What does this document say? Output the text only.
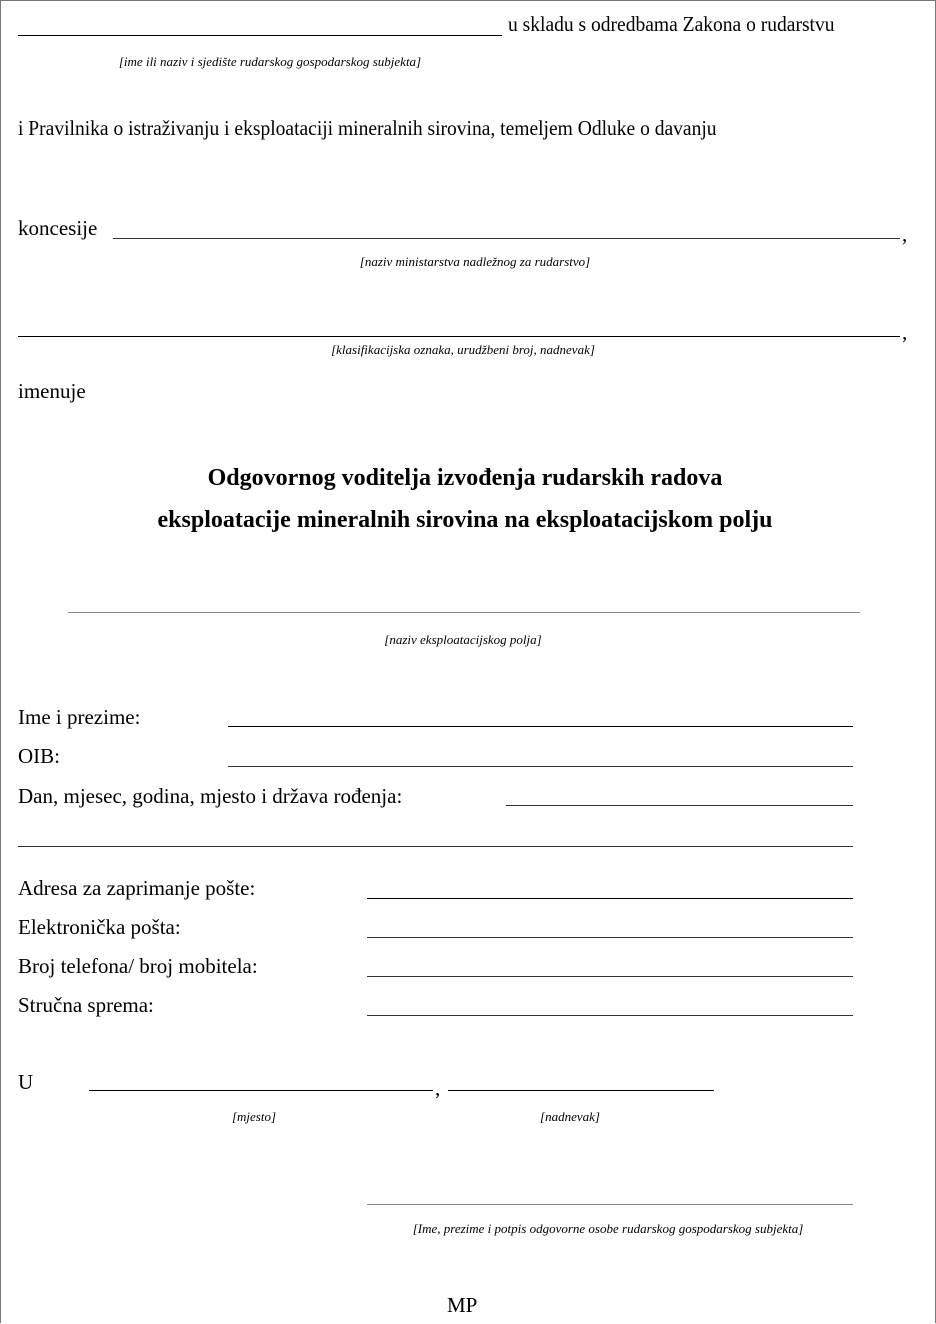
u skladu s odredbama Zakona o rudarstvu
[ime ili naziv i sjedište rudarskog gospodarskog subjekta]
i Pravilnika o istraživanju i eksploataciji mineralnih sirovina, temeljem Odluke o davanju
koncesije	,
[naziv ministarstva nadležnog za rudarstvo]
,
[klasifikacijska oznaka, urudžbeni broj, nadnevak]
imenuje
Odgovornog voditelja izvođenja rudarskih radova
eksploatacije mineralnih sirovina na eksploatacijskom polju
[naziv eksploatacijskog polja]
Ime i prezime:
OIB:
Dan, mjesec, godina, mjesto i država rođenja:
Adresa za zaprimanje pošte:
Elektronička pošta:
Broj telefona/ broj mobitela:
Stručna sprema:
U	,
[mjesto]	[nadnevak]
[Ime, prezime i potpis odgovorne osobe rudarskog gospodarskog subjekta]
MP
